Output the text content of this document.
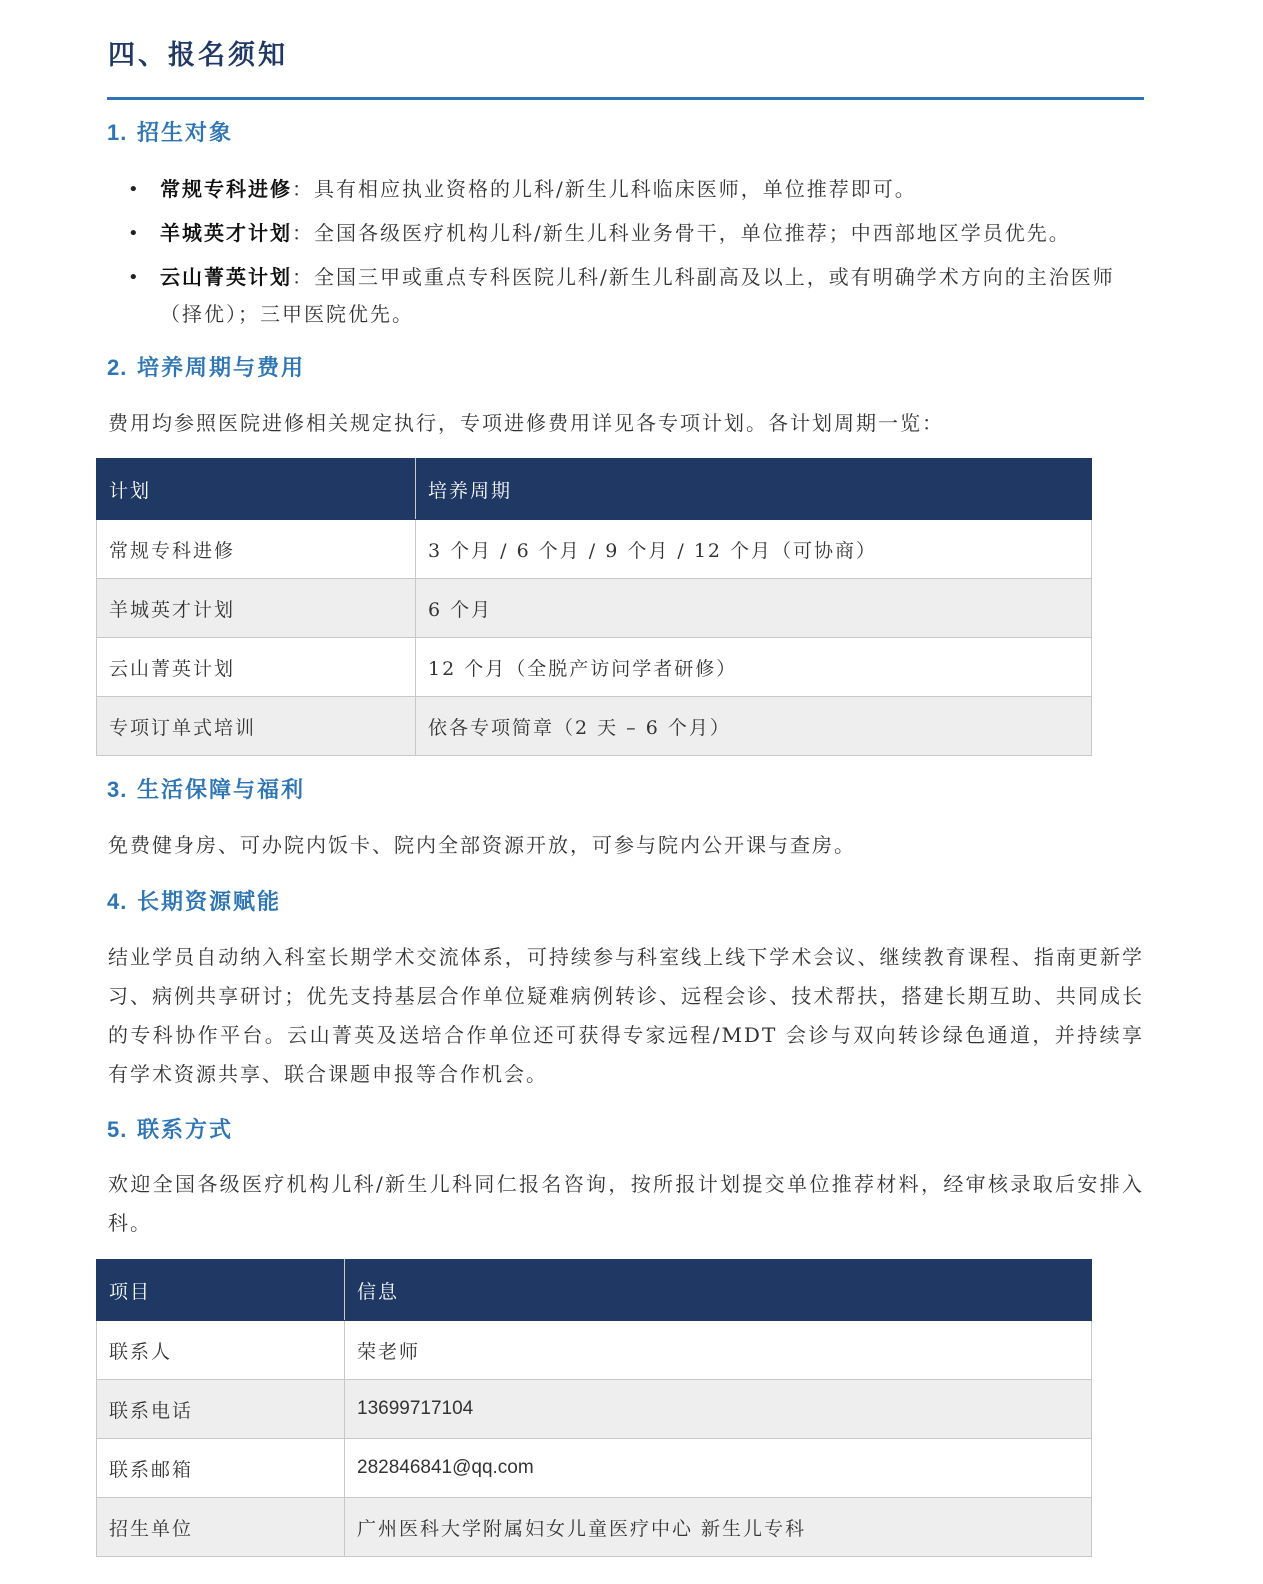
四、报名须知
1. 招生对象
• 常规专科进修：具有相应执业资格的儿科/新生儿科临床医师，单位推荐即可。
• 羊城英才计划：全国各级医疗机构儿科/新生儿科业务骨干，单位推荐；中西部地区学员优先。
• 云山菁英计划：全国三甲或重点专科医院儿科/新生儿科副高及以上，或有明确学术方向的主治医师（择优）；三甲医院优先。
2. 培养周期与费用

费用均参照医院进修相关规定执行，专项进修费用详见各专项计划。各计划周期一览：

计划	培养周期
常规专科进修	3 个月 / 6 个月 / 9 个月 / 12 个月（可协商）
羊城英才计划	6 个月
云山菁英计划	12 个月（全脱产访问学者研修）
专项订单式培训	依各专项简章（2 天 – 6 个月）
3. 生活保障与福利

免费健身房、可办院内饭卡、院内全部资源开放，可参与院内公开课与查房。

4. 长期资源赋能

结业学员自动纳入科室长期学术交流体系，可持续参与科室线上线下学术会议、继续教育课程、指南更新学习、病例共享研讨；优先支持基层合作单位疑难病例转诊、远程会诊、技术帮扶，搭建长期互助、共同成长的专科协作平台。云山菁英及送培合作单位还可获得专家远程/MDT 会诊与双向转诊绿色通道，并持续享有学术资源共享、联合课题申报等合作机会。

5. 联系方式

欢迎全国各级医疗机构儿科/新生儿科同仁报名咨询，按所报计划提交单位推荐材料，经审核录取后安排入科。

项目	信息
联系人	荣老师
联系电话	13699717104
联系邮箱	282846841@qq.com
招生单位	广州医科大学附属妇女儿童医疗中心 新生儿专科
